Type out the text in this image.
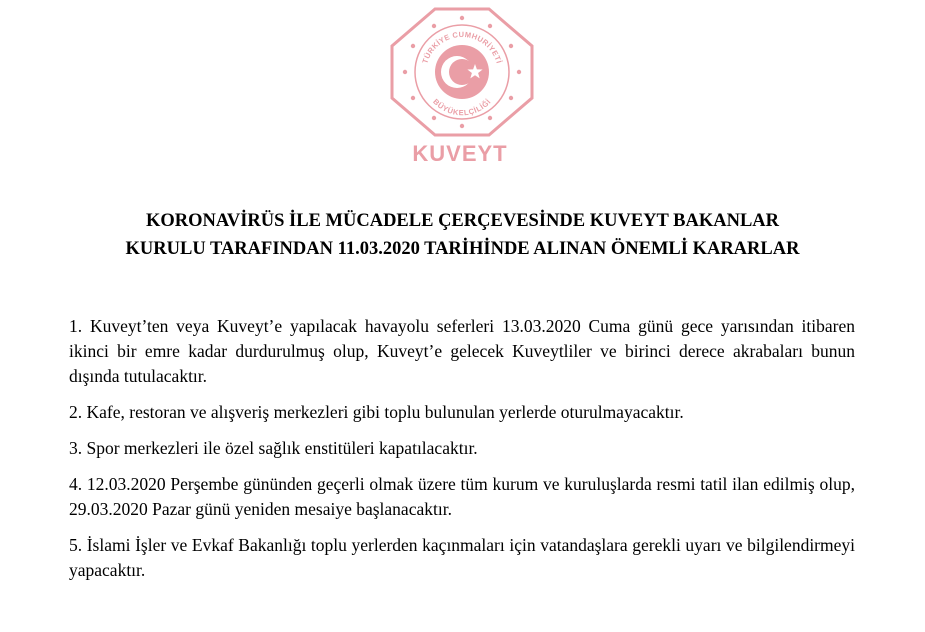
TÜRKİYE CUMHURİYETİ
BÜYÜKELÇİLİĞİ
KUVEYT
KORONAVİRÜS İLE MÜCADELE ÇERÇEVESİNDE KUVEYT BAKANLAR
KURULU TARAFINDAN 11.03.2020 TARİHİNDE ALINAN ÖNEMLİ KARARLAR

1. Kuveyt’ten veya Kuveyt’e yapılacak havayolu seferleri 13.03.2020 Cuma günü gece yarısından itibaren ikinci bir emre kadar durdurulmuş olup, Kuveyt’e gelecek Kuveytliler ve birinci derece akrabaları bunun dışında tutulacaktır.

2. Kafe, restoran ve alışveriş merkezleri gibi toplu bulunulan yerlerde oturulmayacaktır.

3. Spor merkezleri ile özel sağlık enstitüleri kapatılacaktır.

4. 12.03.2020 Perşembe gününden geçerli olmak üzere tüm kurum ve kuruluşlarda resmi tatil ilan edilmiş olup, 29.03.2020 Pazar günü yeniden mesaiye başlanacaktır.

5. İslami İşler ve Evkaf Bakanlığı toplu yerlerden kaçınmaları için vatandaşlara gerekli uyarı ve bilgilendirmeyi yapacaktır.
